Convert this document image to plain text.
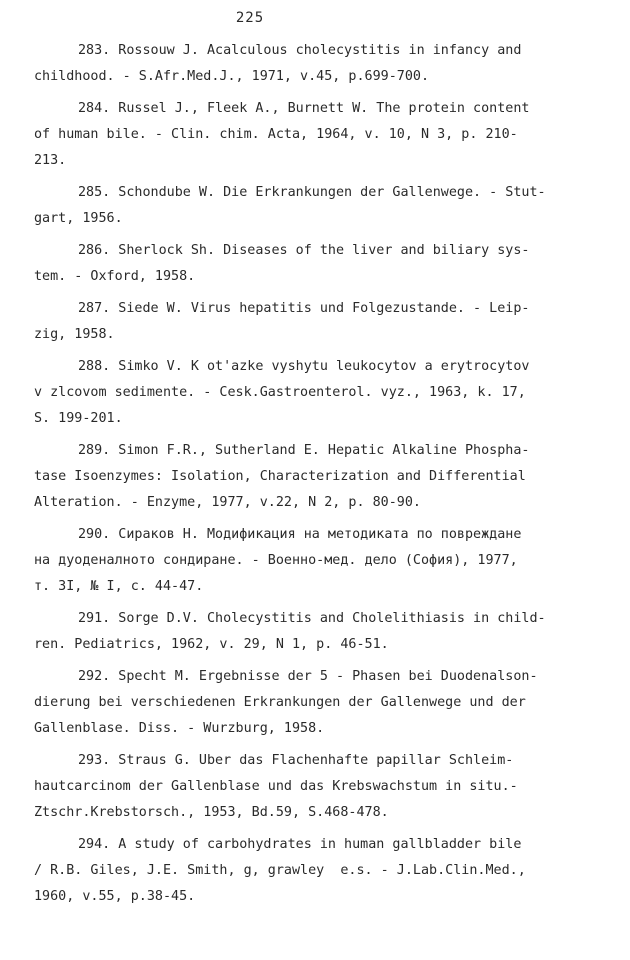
225
283. Rossouw J. Acalculous cholecystitis in infancy and
childhood. - S.Afr.Med.J., 1971, v.45, p.699-700.
284. Russel J., Fleek A., Burnett W. The protein content
of human bile. - Clin. chim. Acta, 1964, v. 10, N 3, p. 210-
213.
285. Schondube W. Die Erkrankungen der Gallenwege. - Stut-
gart, 1956.
286. Sherlock Sh. Diseases of the liver and biliary sys-
tem. - Oxford, 1958.
287. Siede W. Virus hepatitis und Folgezustande. - Leip-
zig, 1958.
288. Simko V. K ot'azke vyshytu leukocytov a erytrocytov
v zlcovom sedimente. - Cesk.Gastroenterol. vyz., 1963, k. 17,
S. 199-201.
289. Simon F.R., Sutherland E. Hepatic Alkaline Phospha-
tase Isoenzymes: Isolation, Characterization and Differential
Alteration. - Enzyme, 1977, v.22, N 2, p. 80-90.
290. Сираков Н. Модификация на методиката по повреждане
на дуоденалното сондиране. - Военно-мед. дело (София), 1977,
т. 3I, № I, с. 44-47.
291. Sorge D.V. Cholecystitis and Cholelithiasis in child-
ren. Pediatrics, 1962, v. 29, N 1, p. 46-51.
292. Specht M. Ergebnisse der 5 - Phasen bei Duodenalson-
dierung bei verschiedenen Erkrankungen der Gallenwege und der
Gallenblase. Diss. - Wurzburg, 1958.
293. Straus G. Uber das Flachenhafte papillar Schleim-
hautcarcinom der Gallenblase und das Krebswachstum in situ.-
Ztschr.Krebstorsch., 1953, Bd.59, S.468-478.
294. A study of carbohydrates in human gallbladder bile
/ R.B. Giles, J.E. Smith, g, grawley  e.s. - J.Lab.Clin.Med.,
1960, v.55, p.38-45.
